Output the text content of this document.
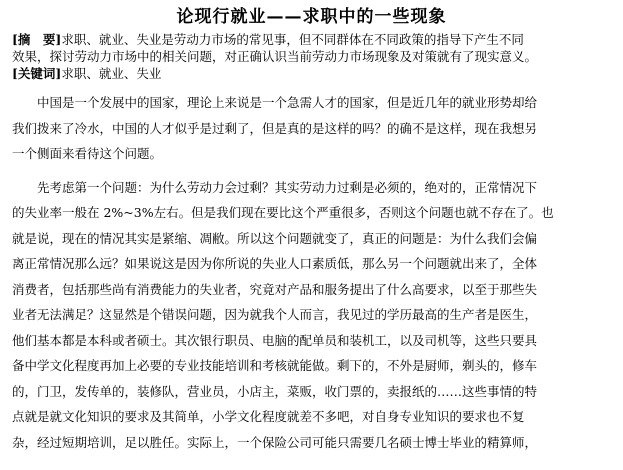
论现行就业——求职中的一些现象
[摘　要]求职、就业、失业是劳动力市场的常见事，但不同群体在不同政策的指导下产生不同
效果，探讨劳动力市场中的相关问题，对正确认识当前劳动力市场现象及对策就有了现实意义。
[关键词]求职、就业、失业
　　中国是一个发展中的国家，理论上来说是一个急需人才的国家，但是近几年的就业形势却给
我们拨来了冷水，中国的人才似乎是过剩了，但是真的是这样的吗？的确不是这样，现在我想另
一个侧面来看待这个问题。
　　先考虑第一个问题：为什么劳动力会过剩？其实劳动力过剩是必须的，绝对的，正常情况下
的失业率一般在 2%~3%左右。但是我们现在要比这个严重很多，否则这个问题也就不存在了。也
就是说，现在的情况其实是紧缩、凋敝。所以这个问题就变了，真正的问题是：为什么我们会偏
离正常情况那么远？如果说这是因为你所说的失业人口素质低，那么另一个问题就出来了，全体
消费者，包括那些尚有消费能力的失业者，究竟对产品和服务提出了什么高要求，以至于那些失
业者无法满足？这显然是个错误问题，因为就我个人而言，我见过的学历最高的生产者是医生，
他们基本都是本科或者硕士。其次银行职员、电脑的配单员和装机工，以及司机等，这些只要具
备中学文化程度再加上必要的专业技能培训和考核就能做。剩下的，不外是厨师，剃头的，修车
的，门卫，发传单的，装修队，营业员，小店主，菜贩，收门票的，卖报纸的……这些事情的特
点就是就文化知识的要求及其简单，小学文化程度就差不多吧，对自身专业知识的要求也不复
杂，经过短期培训，足以胜任。实际上，一个保险公司可能只需要几名硕士博士毕业的精算师，
